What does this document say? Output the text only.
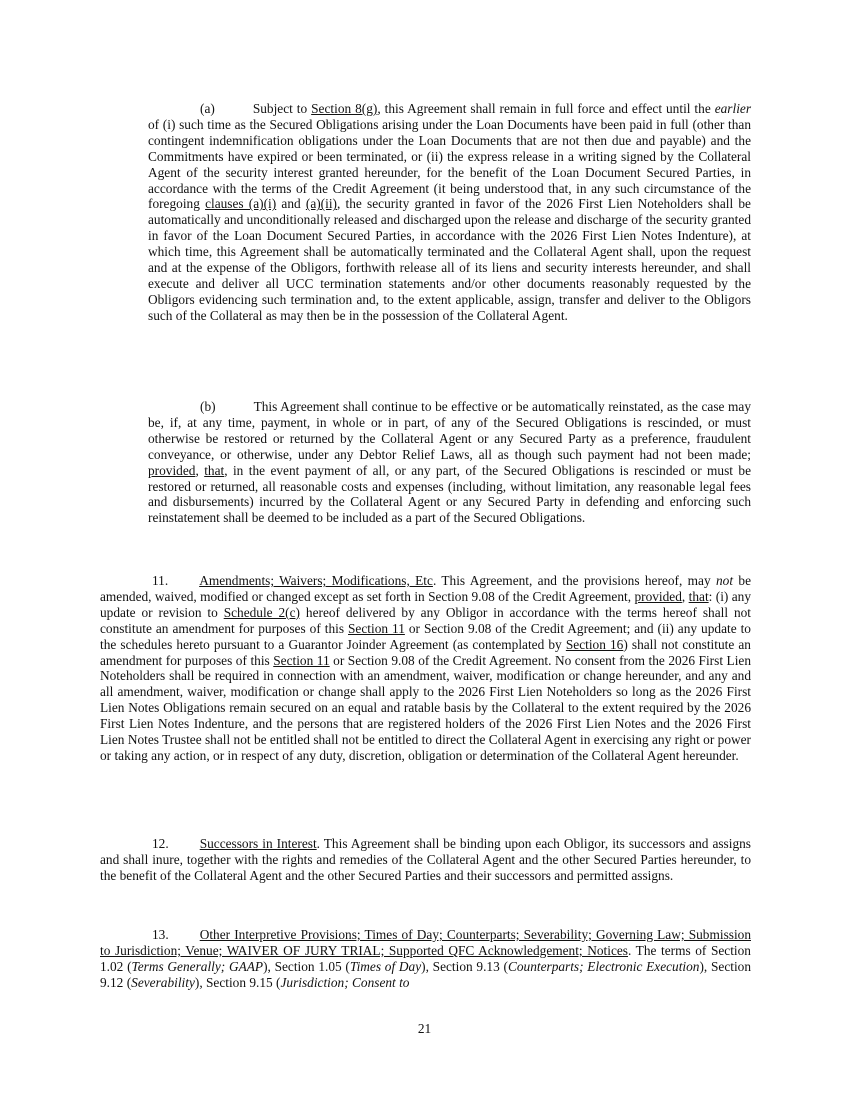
(a)	Subject to Section 8(g), this Agreement shall remain in full force and effect until the earlier of (i) such time as the Secured Obligations arising under the Loan Documents have been paid in full (other than contingent indemnification obligations under the Loan Documents that are not then due and payable) and the Commitments have expired or been terminated, or (ii) the express release in a writing signed by the Collateral Agent of the security interest granted hereunder, for the benefit of the Loan Document Secured Parties, in accordance with the terms of the Credit Agreement (it being understood that, in any such circumstance of the foregoing clauses (a)(i) and (a)(ii), the security granted in favor of the 2026 First Lien Noteholders shall be automatically and unconditionally released and discharged upon the release and discharge of the security granted in favor of the Loan Document Secured Parties, in accordance with the 2026 First Lien Notes Indenture), at which time, this Agreement shall be automatically terminated and the Collateral Agent shall, upon the request and at the expense of the Obligors, forthwith release all of its liens and security interests hereunder, and shall execute and deliver all UCC termination statements and/or other documents reasonably requested by the Obligors evidencing such termination and, to the extent applicable, assign, transfer and deliver to the Obligors such of the Collateral as may then be in the possession of the Collateral Agent.

(b)	This Agreement shall continue to be effective or be automatically reinstated, as the case may be, if, at any time, payment, in whole or in part, of any of the Secured Obligations is rescinded, or must otherwise be restored or returned by the Collateral Agent or any Secured Party as a preference, fraudulent conveyance, or otherwise, under any Debtor Relief Laws, all as though such payment had not been made; provided, that, in the event payment of all, or any part, of the Secured Obligations is rescinded or must be restored or returned, all reasonable costs and expenses (including, without limitation, any reasonable legal fees and disbursements) incurred by the Collateral Agent or any Secured Party in defending and enforcing such reinstatement shall be deemed to be included as a part of the Secured Obligations.

11. Amendments; Waivers; Modifications, Etc. This Agreement, and the provisions hereof, may not be amended, waived, modified or changed except as set forth in Section 9.08 of the Credit Agreement, provided, that: (i) any update or revision to Schedule 2(c) hereof delivered by any Obligor in accordance with the terms hereof shall not constitute an amendment for purposes of this Section 11 or Section 9.08 of the Credit Agreement; and (ii) any update to the schedules hereto pursuant to a Guarantor Joinder Agreement (as contemplated by Section 16) shall not constitute an amendment for purposes of this Section 11 or Section 9.08 of the Credit Agreement. No consent from the 2026 First Lien Noteholders shall be required in connection with an amendment, waiver, modification or change hereunder, and any and all amendment, waiver, modification or change shall apply to the 2026 First Lien Noteholders so long as the 2026 First Lien Notes Obligations remain secured on an equal and ratable basis by the Collateral to the extent required by the 2026 First Lien Notes Indenture, and the persons that are registered holders of the 2026 First Lien Notes and the 2026 First Lien Notes Trustee shall not be entitled shall not be entitled to direct the Collateral Agent in exercising any right or power or taking any action, or in respect of any duty, discretion, obligation or determination of the Collateral Agent hereunder.

12. Successors in Interest. This Agreement shall be binding upon each Obligor, its successors and assigns and shall inure, together with the rights and remedies of the Collateral Agent and the other Secured Parties hereunder, to the benefit of the Collateral Agent and the other Secured Parties and their successors and permitted assigns.

13. Other Interpretive Provisions; Times of Day; Counterparts; Severability; Governing Law; Submission to Jurisdiction; Venue; WAIVER OF JURY TRIAL; Supported QFC Acknowledgement; Notices. The terms of Section 1.02 (Terms Generally; GAAP), Section 1.05 (Times of Day), Section 9.13 (Counterparts; Electronic Execution), Section 9.12 (Severability), Section 9.15 (Jurisdiction; Consent to

21
